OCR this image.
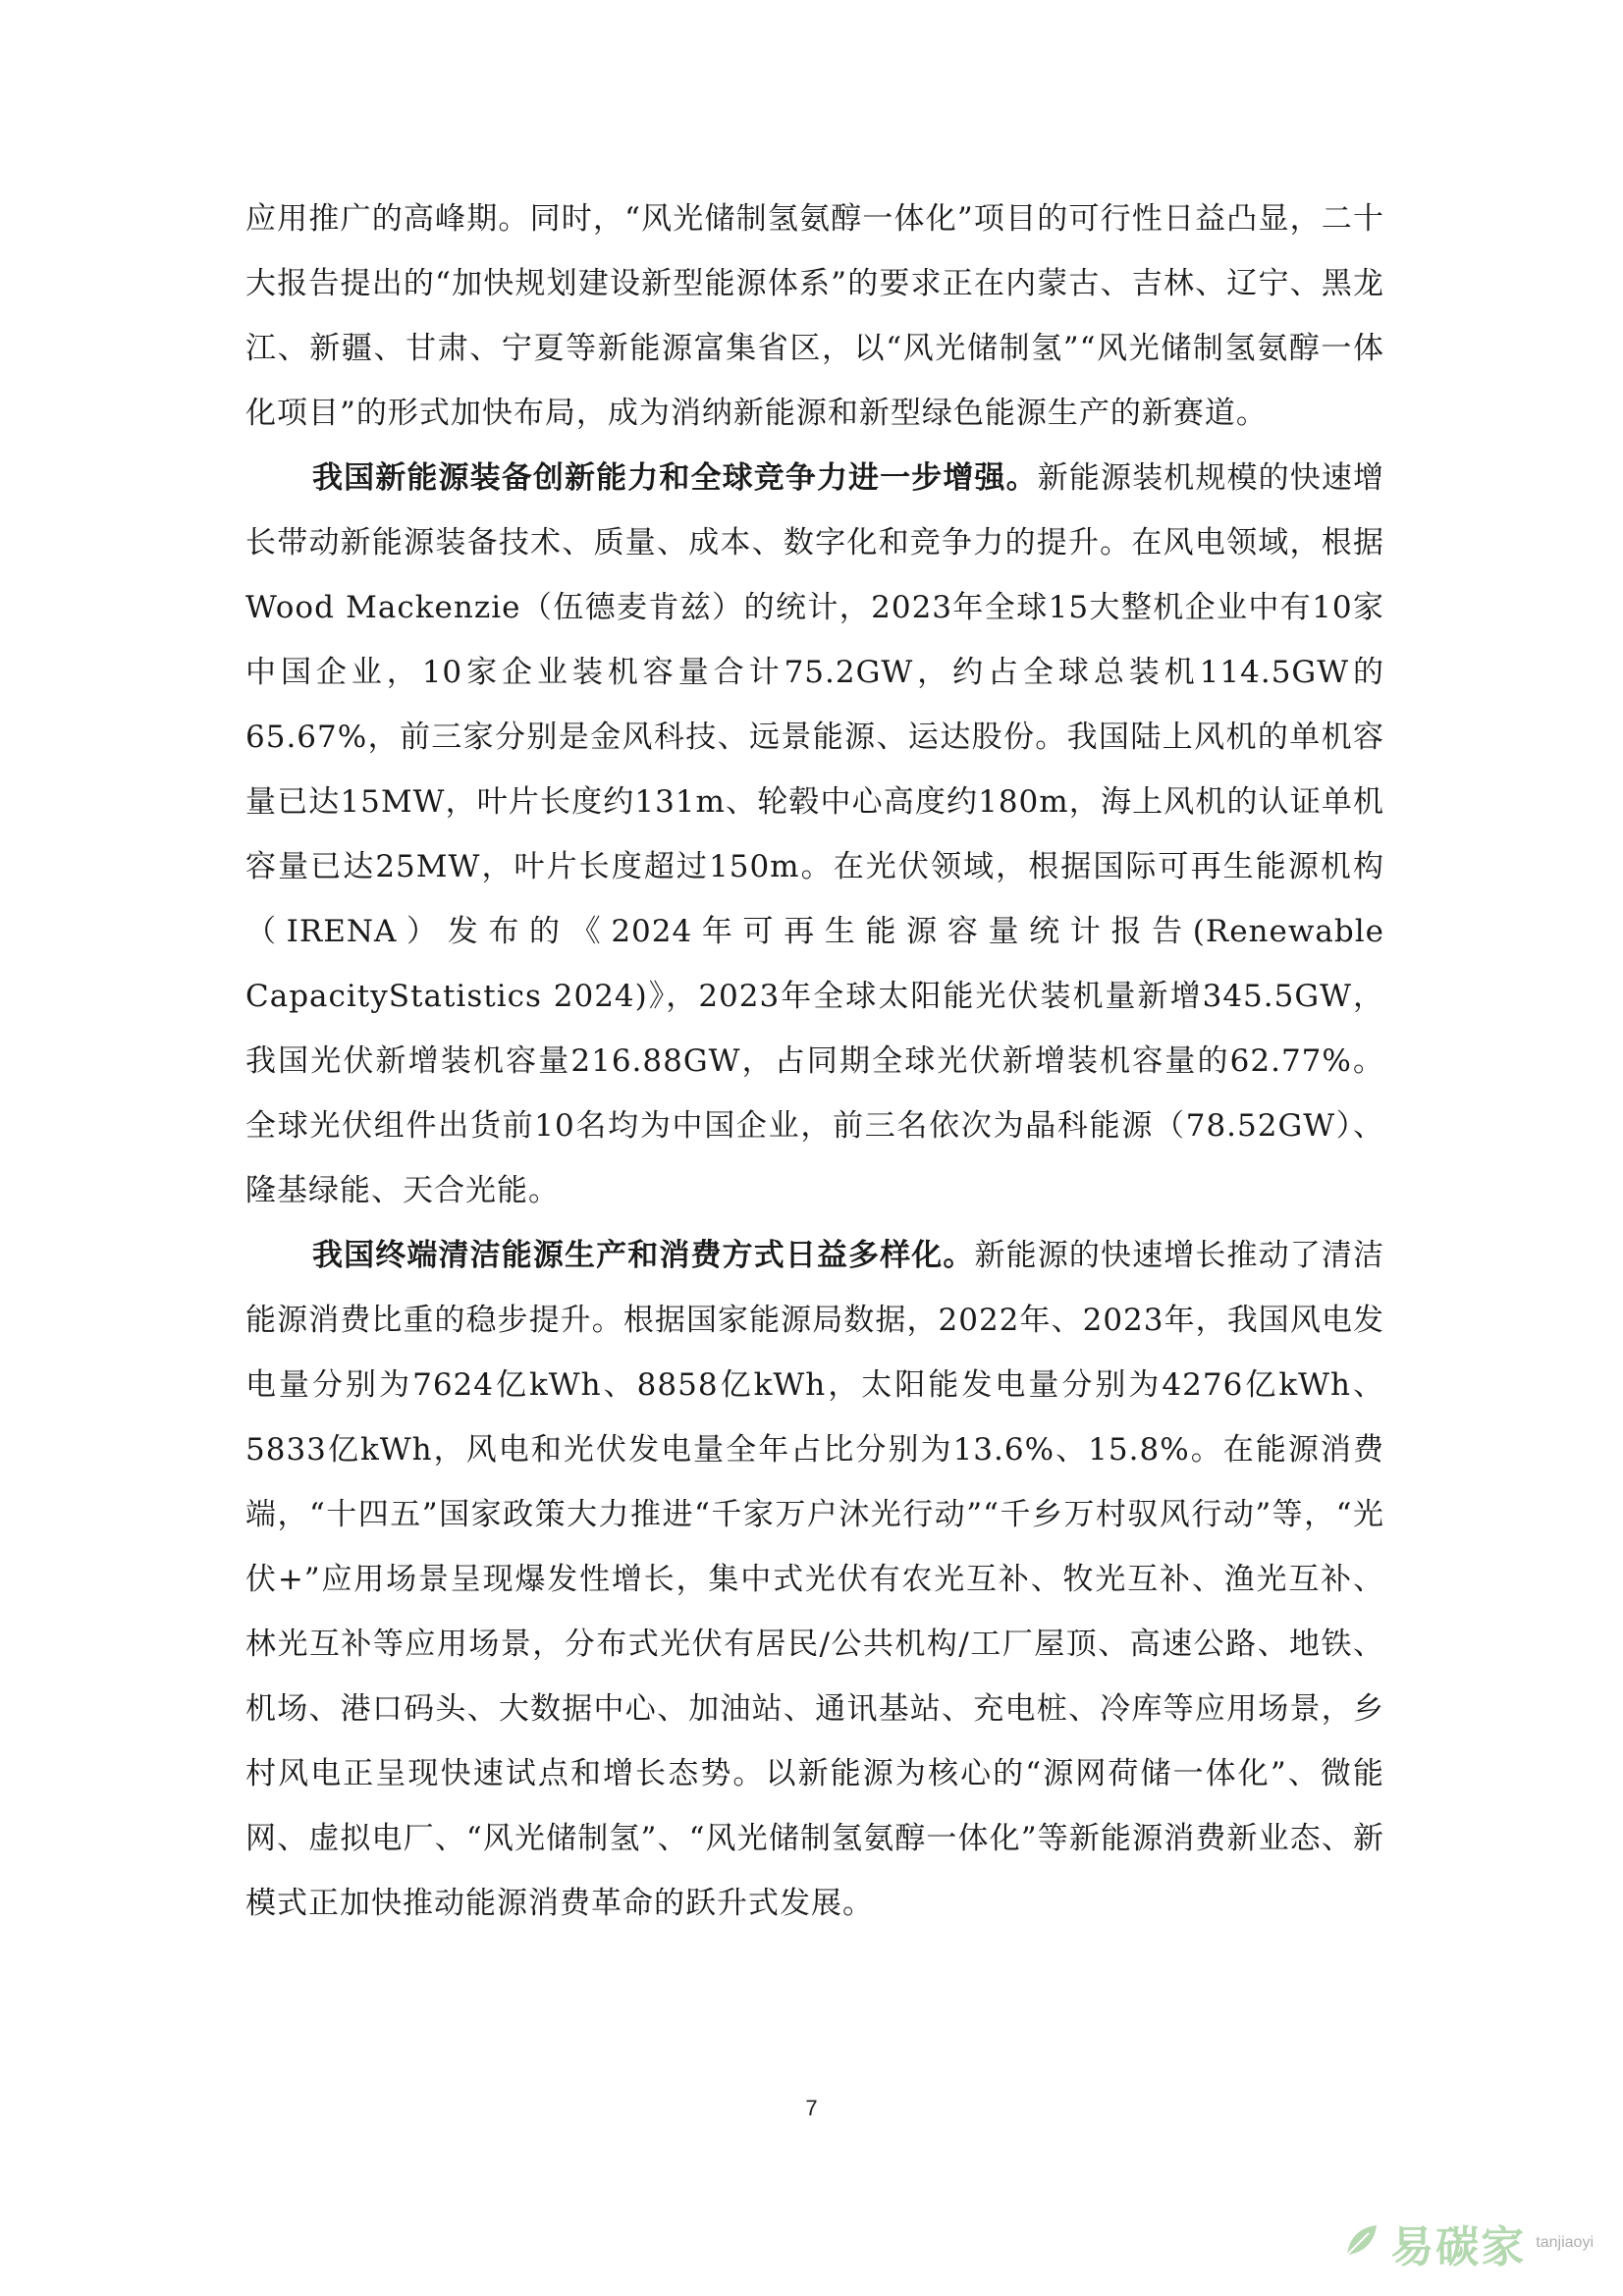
应用推广的高峰期。同时，“风光储制氢氨醇一体化”项目的可行性日益凸显，二十大报告提出的“加快规划建设新型能源体系”的要求正在内蒙古、吉林、辽宁、黑龙江、新疆、甘肃、宁夏等新能源富集省区，以“风光储制氢”“风光储制氢氨醇一体化项目”的形式加快布局，成为消纳新能源和新型绿色能源生产的新赛道。

我国新能源装备创新能力和全球竞争力进一步增强。新能源装机规模的快速增长带动新能源装备技术、质量、成本、数字化和竞争力的提升。在风电领域，根据Wood Mackenzie（伍德麦肯兹）的统计，2023年全球15大整机企业中有10家中国企业，10家企业装机容量合计75.2GW，约占全球总装机114.5GW的65.67%，前三家分别是金风科技、远景能源、运达股份。我国陆上风机的单机容量已达15MW，叶片长度约131m、轮毂中心高度约180m，海上风机的认证单机容量已达25MW，叶片长度超过150m。在光伏领域，根据国际可再生能源机构（IRENA）发布的《2024年可再生能源容量统计报告(Renewable CapacityStatistics 2024)》，2023年全球太阳能光伏装机量新增345.5GW，我国光伏新增装机容量216.88GW，占同期全球光伏新增装机容量的62.77%。全球光伏组件出货前10名均为中国企业，前三名依次为晶科能源（78.52GW）、隆基绿能、天合光能。

我国终端清洁能源生产和消费方式日益多样化。新能源的快速增长推动了清洁能源消费比重的稳步提升。根据国家能源局数据，2022年、2023年，我国风电发电量分别为7624亿kWh、8858亿kWh，太阳能发电量分别为4276亿kWh、5833亿kWh，风电和光伏发电量全年占比分别为13.6%、15.8%。在能源消费端，“十四五”国家政策大力推进“千家万户沐光行动”“千乡万村驭风行动”等，“光伏+”应用场景呈现爆发性增长，集中式光伏有农光互补、牧光互补、渔光互补、林光互补等应用场景，分布式光伏有居民/公共机构/工厂屋顶、高速公路、地铁、机场、港口码头、大数据中心、加油站、通讯基站、充电桩、冷库等应用场景，乡村风电正呈现快速试点和增长态势。以新能源为核心的“源网荷储一体化”、微能网、虚拟电厂、“风光储制氢”、“风光储制氢氨醇一体化”等新能源消费新业态、新模式正加快推动能源消费革命的跃升式发展。

7
易碳家 tanjiaoyi
